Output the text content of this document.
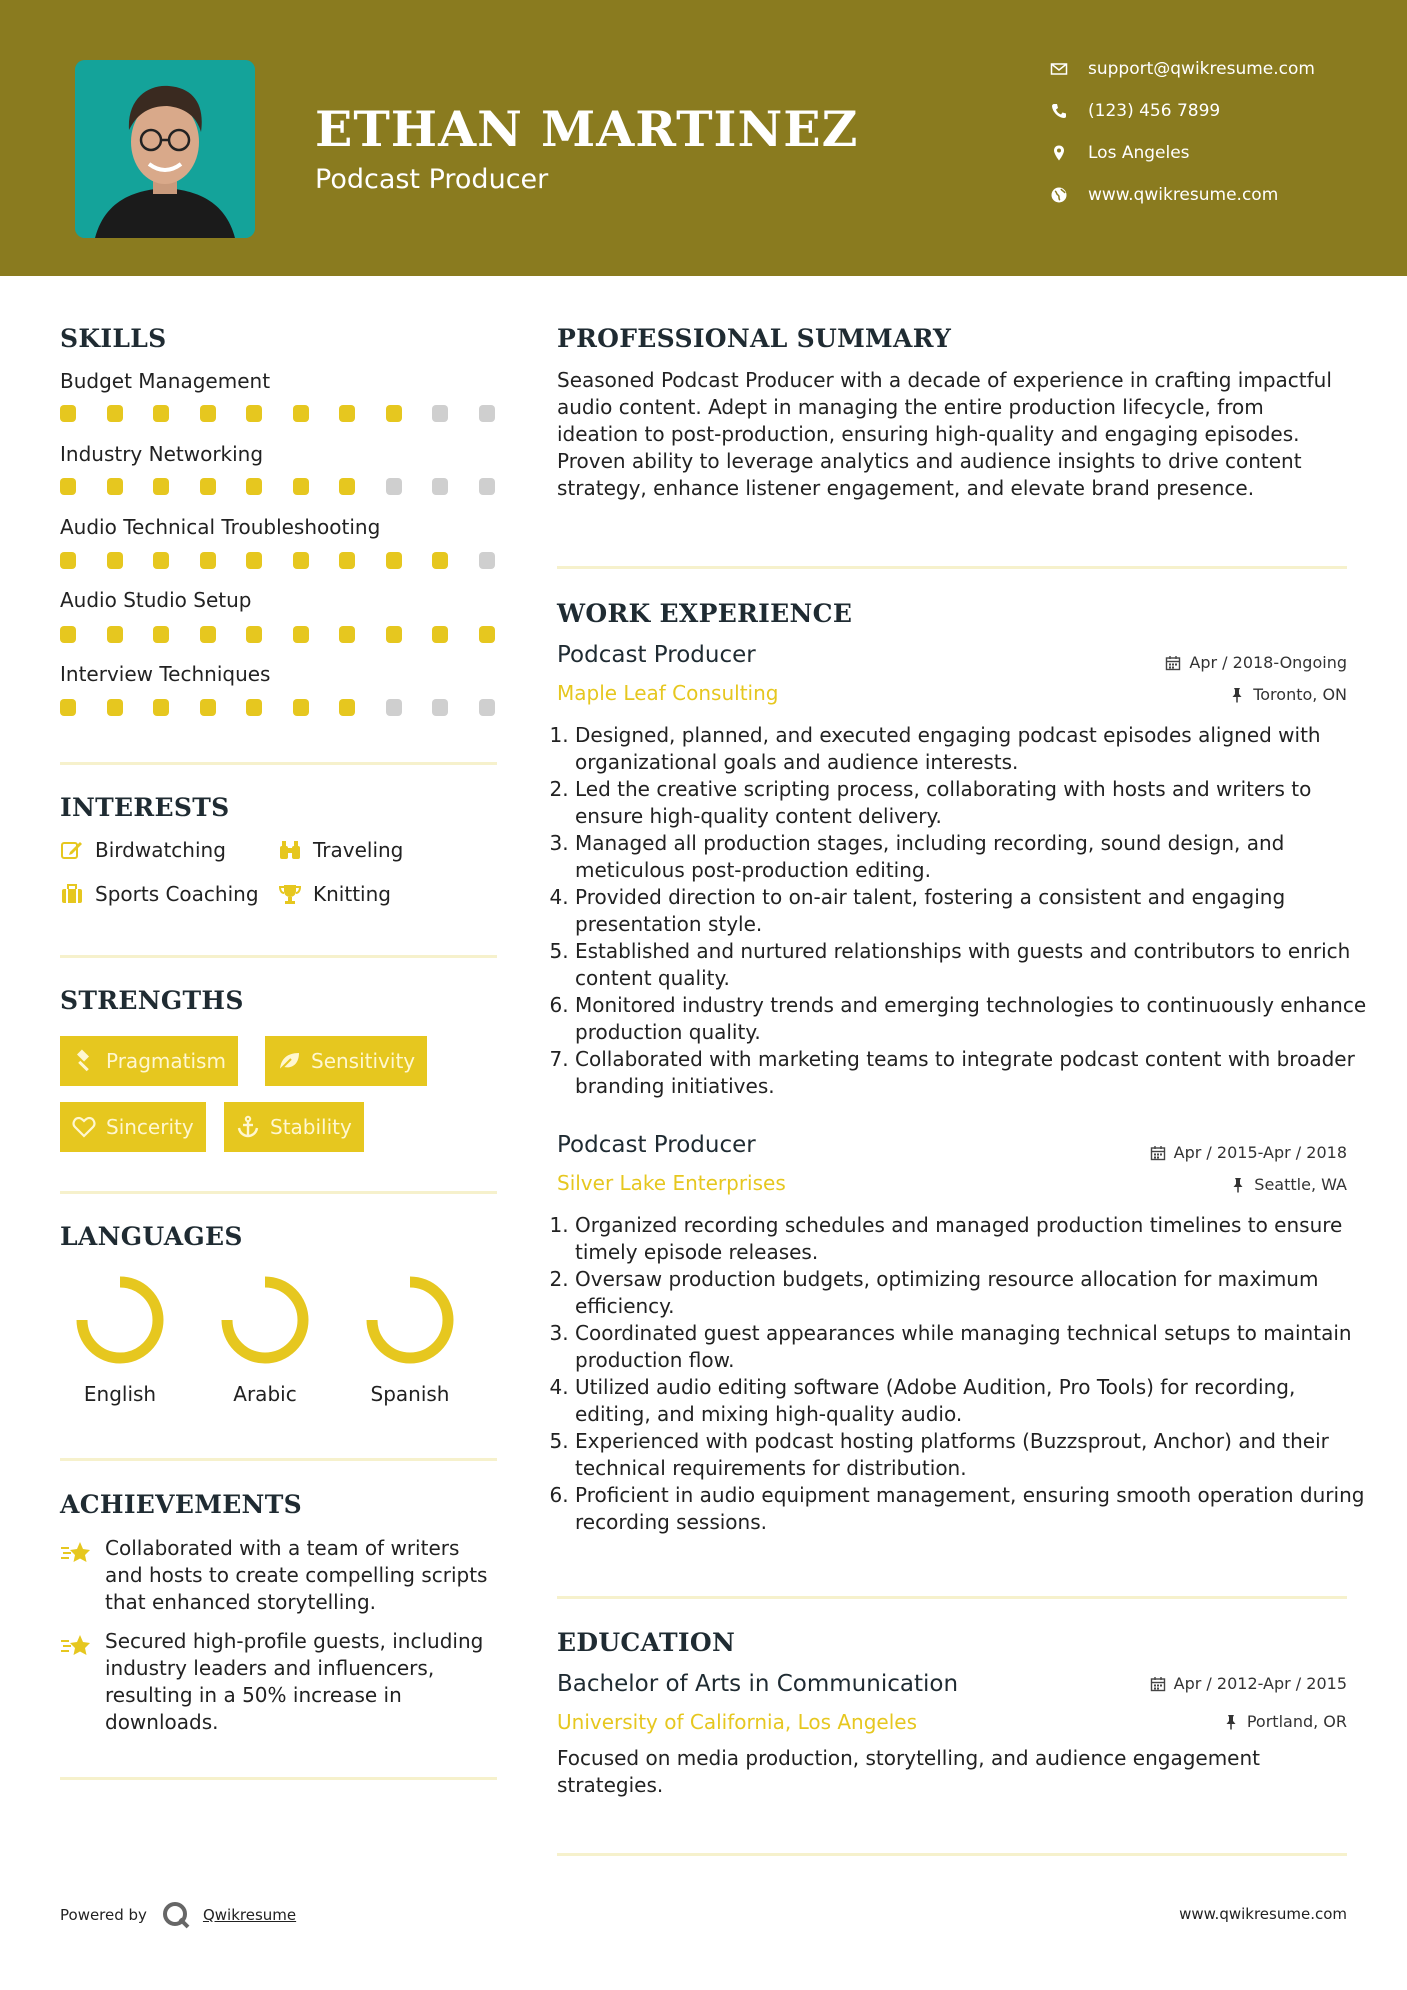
ETHAN MARTINEZ
Podcast Producer
support@qwikresume.com
(123) 456 7899
Los Angeles
www.qwikresume.com
SKILLS
Budget Management
Industry Networking
Audio Technical Troubleshooting
Audio Studio Setup
Interview Techniques
INTERESTS
Birdwatching	Traveling
Sports Coaching	Knitting
STRENGTHS
Pragmatism	Sensitivity
Sincerity	Stability
LANGUAGES
English	Arabic	Spanish
ACHIEVEMENTS
Collaborated with a team of writers and hosts to create compelling scripts that enhanced storytelling.
Secured high-profile guests, including industry leaders and influencers, resulting in a 50% increase in downloads.
PROFESSIONAL SUMMARY
Seasoned Podcast Producer with a decade of experience in crafting impactful audio content. Adept in managing the entire production lifecycle, from ideation to post-production, ensuring high-quality and engaging episodes. Proven ability to leverage analytics and audience insights to drive content strategy, enhance listener engagement, and elevate brand presence.
WORK EXPERIENCE
Podcast Producer	Apr / 2018-Ongoing
Maple Leaf Consulting	Toronto, ON
1. Designed, planned, and executed engaging podcast episodes aligned with organizational goals and audience interests.
2. Led the creative scripting process, collaborating with hosts and writers to ensure high-quality content delivery.
3. Managed all production stages, including recording, sound design, and meticulous post-production editing.
4. Provided direction to on-air talent, fostering a consistent and engaging presentation style.
5. Established and nurtured relationships with guests and contributors to enrich content quality.
6. Monitored industry trends and emerging technologies to continuously enhance production quality.
7. Collaborated with marketing teams to integrate podcast content with broader branding initiatives.
Podcast Producer	Apr / 2015-Apr / 2018
Silver Lake Enterprises	Seattle, WA
1. Organized recording schedules and managed production timelines to ensure timely episode releases.
2. Oversaw production budgets, optimizing resource allocation for maximum efficiency.
3. Coordinated guest appearances while managing technical setups to maintain production flow.
4. Utilized audio editing software (Adobe Audition, Pro Tools) for recording, editing, and mixing high-quality audio.
5. Experienced with podcast hosting platforms (Buzzsprout, Anchor) and their technical requirements for distribution.
6. Proficient in audio equipment management, ensuring smooth operation during recording sessions.
EDUCATION
Bachelor of Arts in Communication	Apr / 2012-Apr / 2015
University of California, Los Angeles	Portland, OR
Focused on media production, storytelling, and audience engagement strategies.
Powered by	Qwikresume	www.qwikresume.com
